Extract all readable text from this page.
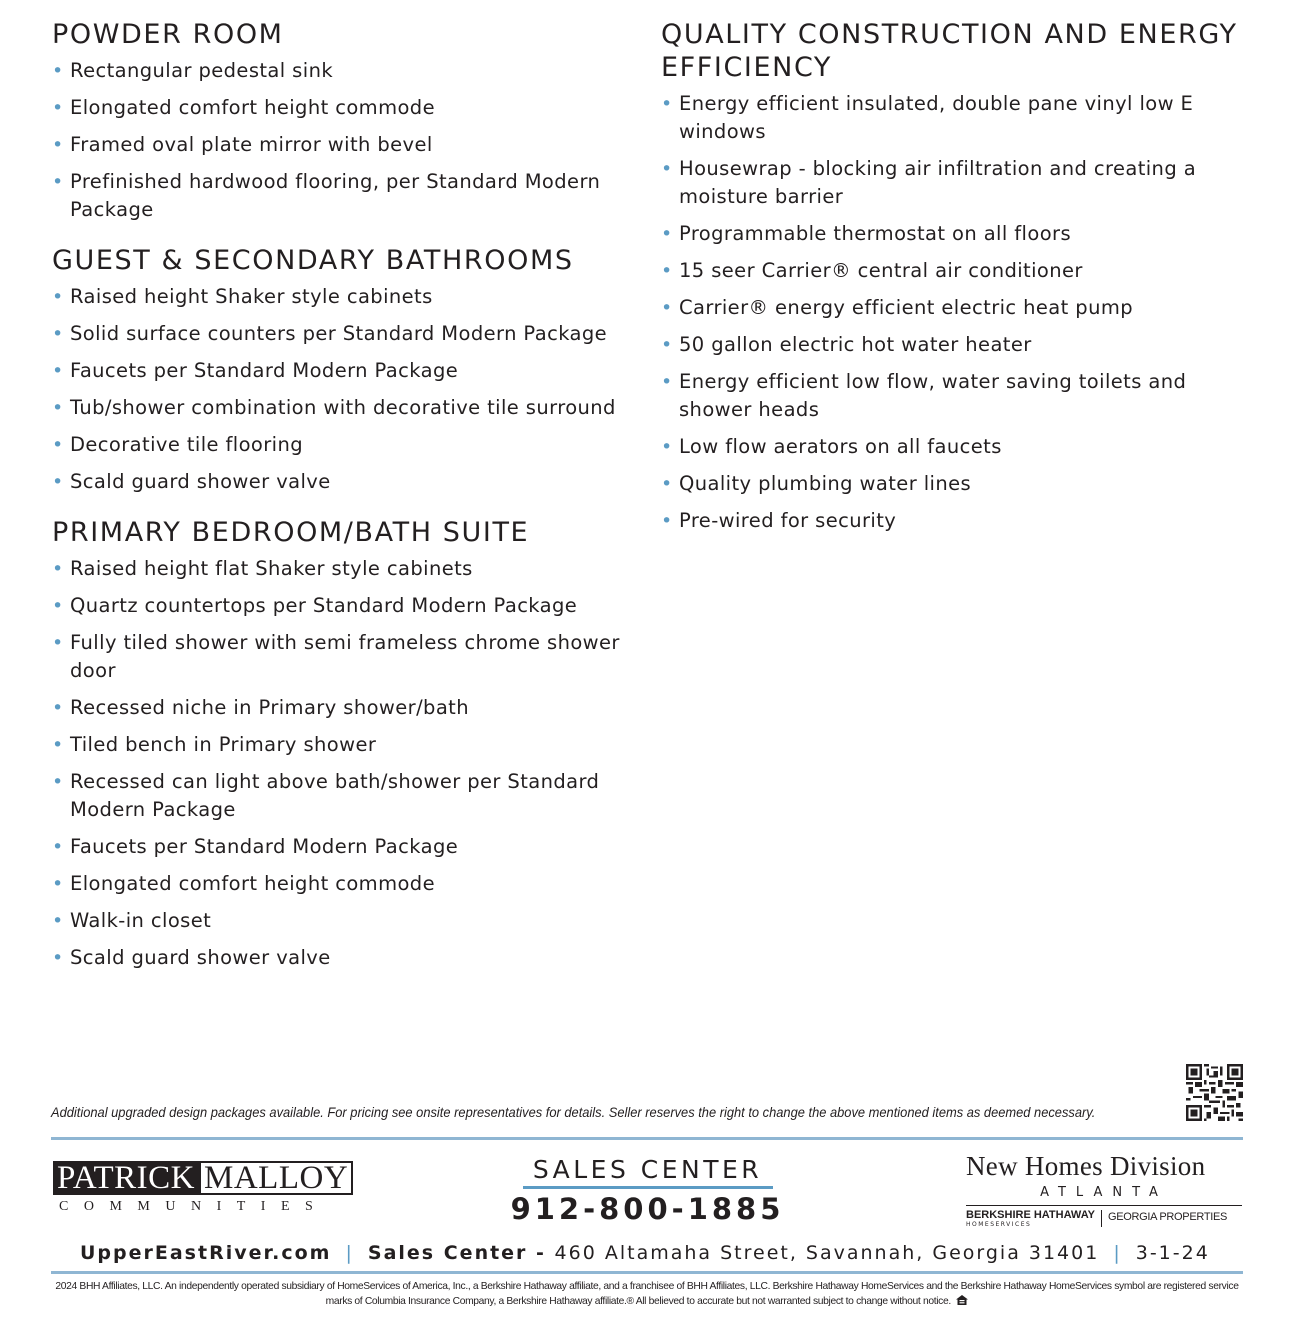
POWDER ROOM
• Rectangular pedestal sink
• Elongated comfort height commode
• Framed oval plate mirror with bevel
• Prefinished hardwood flooring, per Standard Modern Package
GUEST & SECONDARY BATHROOMS
• Raised height Shaker style cabinets
• Solid surface counters per Standard Modern Package
• Faucets per Standard Modern Package
• Tub/shower combination with decorative tile surround
• Decorative tile flooring
• Scald guard shower valve
PRIMARY BEDROOM/BATH SUITE
• Raised height flat Shaker style cabinets
• Quartz countertops per Standard Modern Package
• Fully tiled shower with semi frameless chrome shower door
• Recessed niche in Primary shower/bath
• Tiled bench in Primary shower
• Recessed can light above bath/shower per Standard Modern Package
• Faucets per Standard Modern Package
• Elongated comfort height commode
• Walk-in closet
• Scald guard shower valve
QUALITY CONSTRUCTION AND ENERGY EFFICIENCY
• Energy efficient insulated, double pane vinyl low E windows
• Housewrap - blocking air infiltration and creating a moisture barrier
• Programmable thermostat on all floors
• 15 seer Carrier® central air conditioner
• Carrier® energy efficient electric heat pump
• 50 gallon electric hot water heater
• Energy efficient low flow, water saving toilets and shower heads
• Low flow aerators on all faucets
• Quality plumbing water lines
• Pre-wired for security
Additional upgraded design packages available. For pricing see onsite representatives for details. Seller reserves the right to change the above mentioned items as deemed necessary.
PATRICK MALLOY
COMMUNITIES
SALES CENTER
912-800-1885
New Homes Division
ATLANTA
BERKSHIRE HATHAWAY
HOMESERVICES
GEORGIA PROPERTIES
UpperEastRiver.com | Sales Center - 460 Altamaha Street, Savannah, Georgia 31401 | 3-1-24
2024 BHH Affiliates, LLC. An independently operated subsidiary of HomeServices of America, Inc., a Berkshire Hathaway affiliate, and a franchisee of BHH Affiliates, LLC. Berkshire Hathaway HomeServices and the Berkshire Hathaway HomeServices symbol are registered service marks of Columbia Insurance Company, a Berkshire Hathaway affiliate.® All believed to accurate but not warranted subject to change without notice.
